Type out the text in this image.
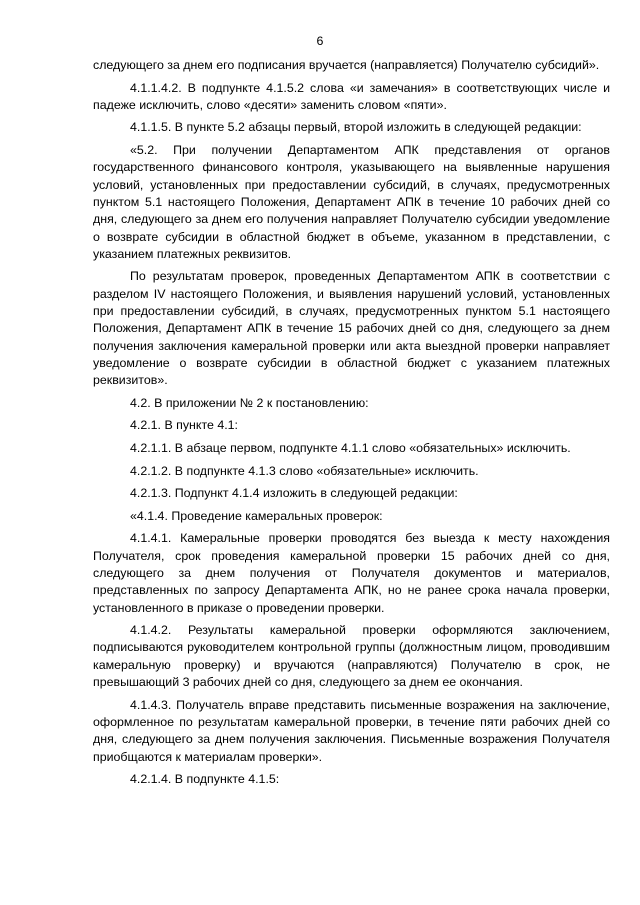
6

следующего за днем его подписания вручается (направляется) Получателю субсидий».

4.1.1.4.2. В подпункте 4.1.5.2 слова «и замечания» в соответствующих числе и падеже исключить, слово «десяти» заменить словом «пяти».

4.1.1.5. В пункте 5.2 абзацы первый, второй изложить в следующей редакции:

«5.2. При получении Департаментом АПК представления от органов государственного финансового контроля, указывающего на выявленные нарушения условий, установленных при предоставлении субсидий, в случаях, предусмотренных пунктом 5.1 настоящего Положения, Департамент АПК в течение 10 рабочих дней со дня, следующего за днем его получения направляет Получателю субсидии уведомление о возврате субсидии в областной бюджет в объеме, указанном в представлении, с указанием платежных реквизитов.

По результатам проверок, проведенных Департаментом АПК в соответствии с разделом IV настоящего Положения, и выявления нарушений условий, установленных при предоставлении субсидий, в случаях, предусмотренных пунктом 5.1 настоящего Положения, Департамент АПК в течение 15 рабочих дней со дня, следующего за днем получения заключения камеральной проверки или акта выездной проверки направляет уведомление о возврате субсидии в областной бюджет с указанием платежных реквизитов».

4.2. В приложении № 2 к постановлению:

4.2.1. В пункте 4.1:

4.2.1.1. В абзаце первом, подпункте 4.1.1 слово «обязательных» исключить.

4.2.1.2. В подпункте 4.1.3 слово «обязательные» исключить.

4.2.1.3. Подпункт 4.1.4 изложить в следующей редакции:

«4.1.4. Проведение камеральных проверок:

4.1.4.1. Камеральные проверки проводятся без выезда к месту нахождения Получателя, срок проведения камеральной проверки 15 рабочих дней со дня, следующего за днем получения от Получателя документов и материалов, представленных по запросу Департамента АПК, но не ранее срока начала проверки, установленного в приказе о проведении проверки.

4.1.4.2. Результаты камеральной проверки оформляются заключением, подписываются руководителем контрольной группы (должностным лицом, проводившим камеральную проверку) и вручаются (направляются) Получателю в срок, не превышающий 3 рабочих дней со дня, следующего за днем ее окончания.

4.1.4.3. Получатель вправе представить письменные возражения на заключение, оформленное по результатам камеральной проверки, в течение пяти рабочих дней со дня, следующего за днем получения заключения. Письменные возражения Получателя приобщаются к материалам проверки».

4.2.1.4. В подпункте 4.1.5:
